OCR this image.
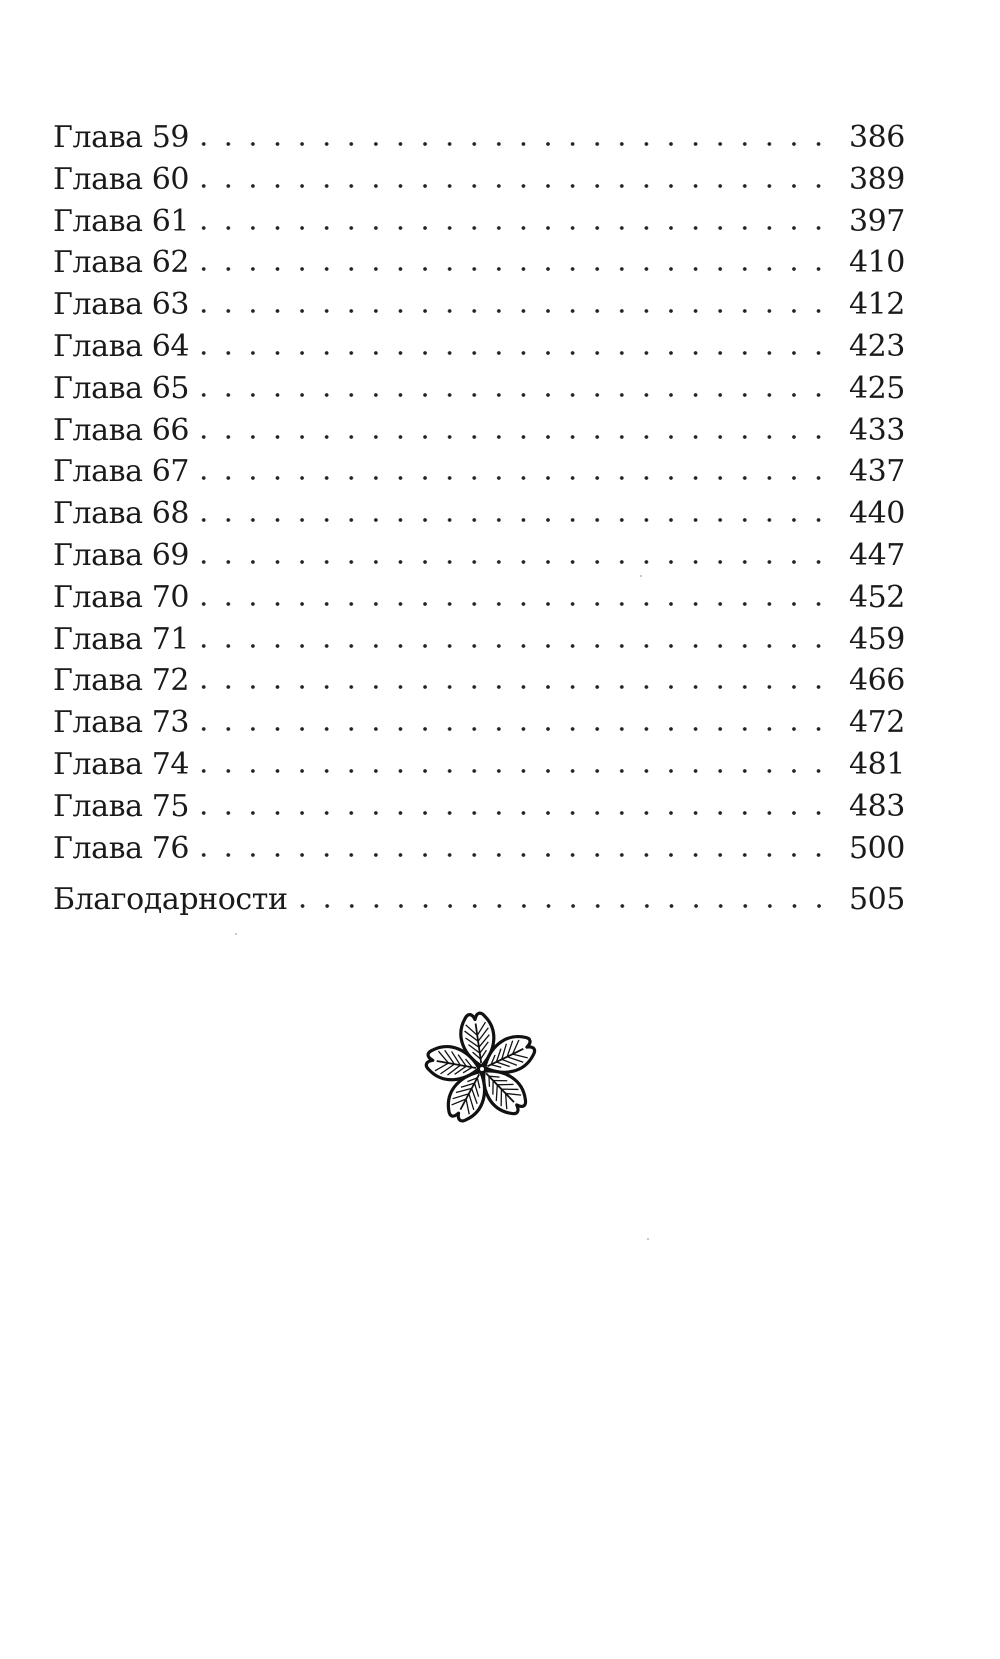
Глава 59	386
Глава 60	389
Глава 61	397
Глава 62	410
Глава 63	412
Глава 64	423
Глава 65	425
Глава 66	433
Глава 67	437
Глава 68	440
Глава 69	447
Глава 70	452
Глава 71	459
Глава 72	466
Глава 73	472
Глава 74	481
Глава 75	483
Глава 76	500
Благодарности	505
